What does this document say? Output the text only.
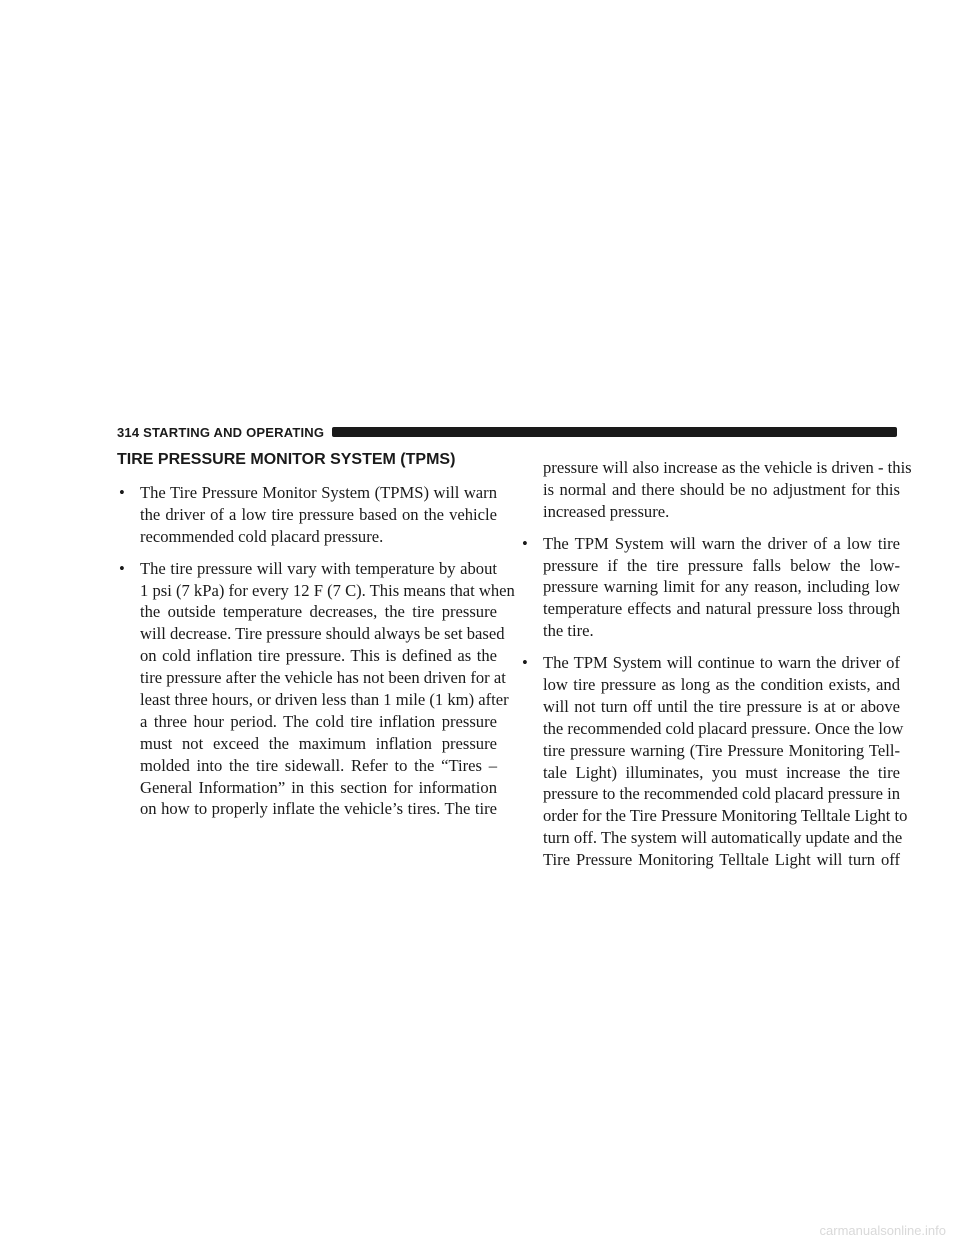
314 STARTING AND OPERATING
TIRE PRESSURE MONITOR SYSTEM (TPMS)
• The Tire Pressure Monitor System (TPMS) will warn
the driver of a low tire pressure based on the vehicle
recommended cold placard pressure.
• The tire pressure will vary with temperature by about
1 psi (7 kPa) for every 12 F (7 C). This means that when
the outside temperature decreases, the tire pressure
will decrease. Tire pressure should always be set based
on cold inflation tire pressure. This is defined as the
tire pressure after the vehicle has not been driven for at
least three hours, or driven less than 1 mile (1 km) after
a three hour period. The cold tire inflation pressure
must not exceed the maximum inflation pressure
molded into the tire sidewall. Refer to the “Tires –
General Information” in this section for information
on how to properly inflate the vehicle’s tires. The tire
pressure will also increase as the vehicle is driven - this
is normal and there should be no adjustment for this
increased pressure.
• The TPM System will warn the driver of a low tire
pressure if the tire pressure falls below the low-
pressure warning limit for any reason, including low
temperature effects and natural pressure loss through
the tire.
• The TPM System will continue to warn the driver of
low tire pressure as long as the condition exists, and
will not turn off until the tire pressure is at or above
the recommended cold placard pressure. Once the low
tire pressure warning (Tire Pressure Monitoring Tell-
tale Light) illuminates, you must increase the tire
pressure to the recommended cold placard pressure in
order for the Tire Pressure Monitoring Telltale Light to
turn off. The system will automatically update and the
Tire Pressure Monitoring Telltale Light will turn off
carmanualsonline.info
